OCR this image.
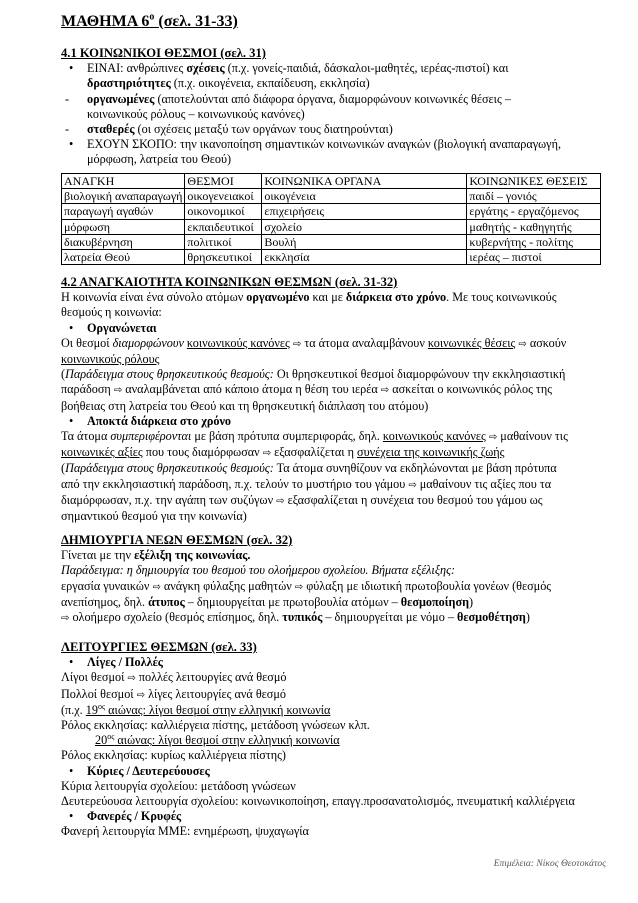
ΜΑΘΗΜΑ $6^o$ (σελ. 31-33)
4.1 ΚΟΙΝΩΝΙΚΟΙ ΘΕΣΜΟΙ (σελ. 31)
• ΕΙΝΑΙ: ανθρώπινες σχέσεις (π.χ. γονείς-παιδιά, δάσκαλοι-μαθητές, ιερέας-πιστοί) και
δραστηριότητες (π.χ. οικογένεια, εκπαίδευση, εκκλησία)
- οργανωμένες (αποτελούνται από διάφορα όργανα, διαμορφώνουν κοινωνικές θέσεις –
κοινωνικούς ρόλους – κοινωνικούς κανόνες)
- σταθερές (οι σχέσεις μεταξύ των οργάνων τους διατηρούνται)
• ΕΧΟΥΝ ΣΚΟΠΟ: την ικανοποίηση σημαντικών κοινωνικών αναγκών (βιολογική αναπαραγωγή,
μόρφωση, λατρεία του Θεού)
ΑΝΑΓΚΗ	ΘΕΣΜΟΙ	ΚΟΙΝΩΝΙΚΑ ΟΡΓΑΝΑ	ΚΟΙΝΩΝΙΚΕΣ ΘΕΣΕΙΣ
βιολογική αναπαραγωγή	οικογενειακοί	οικογένεια	παιδί – γονιός
παραγωγή αγαθών	οικονομικοί	επιχειρήσεις	εργάτης - εργαζόμενος
μόρφωση	εκπαιδευτικοί	σχολείο	μαθητής - καθηγητής
διακυβέρνηση	πολιτικοί	Βουλή	κυβερνήτης - πολίτης
λατρεία Θεού	θρησκευτικοί	εκκλησία	ιερέας – πιστοί
4.2 ΑΝΑΓΚΑΙΟΤΗΤΑ ΚΟΙΝΩΝΙΚΩΝ ΘΕΣΜΩΝ (σελ. 31-32)
Η κοινωνία είναι ένα σύνολο ατόμων οργανωμένο και με διάρκεια στο χρόνο. Με τους κοινωνικούς
θεσμούς η κοινωνία:
• Οργανώνεται
Οι θεσμοί διαμορφώνουν κοινωνικούς κανόνες ⇨ τα άτομα αναλαμβάνουν κοινωνικές θέσεις ⇨ ασκούν
κοινωνικούς ρόλους
(Παράδειγμα στους θρησκευτικούς θεσμούς: Οι θρησκευτικοί θεσμοί διαμορφώνουν την εκκλησιαστική
παράδοση ⇨ αναλαμβάνεται από κάποιο άτομα η θέση του ιερέα ⇨ ασκείται ο κοινωνικός ρόλος της
βοήθειας στη λατρεία του Θεού και τη θρησκευτική διάπλαση του ατόμου)
• Αποκτά διάρκεια στο χρόνο
Τα άτομα συμπεριφέρονται με βάση πρότυπα συμπεριφοράς, δηλ. κοινωνικούς κανόνες ⇨ μαθαίνουν τις
κοινωνικές αξίες που τους διαμόρφωσαν ⇨ εξασφαλίζεται η συνέχεια της κοινωνικής ζωής
(Παράδειγμα στους θρησκευτικούς θεσμούς: Τα άτομα συνηθίζουν να εκδηλώνονται με βάση πρότυπα
από την εκκλησιαστική παράδοση, π.χ. τελούν το μυστήριο του γάμου ⇨ μαθαίνουν τις αξίες που τα
διαμόρφωσαν, π.χ. την αγάπη των συζύγων ⇨ εξασφαλίζεται η συνέχεια του θεσμού του γάμου ως
σημαντικού θεσμού για την κοινωνία)
ΔΗΜΙΟΥΡΓΙΑ ΝΕΩΝ ΘΕΣΜΩΝ (σελ. 32)
Γίνεται με την εξέλιξη της κοινωνίας.
Παράδειγμα: η δημιουργία του θεσμού του ολοήμερου σχολείου. Βήματα εξέλιξης:
εργασία γυναικών ⇨ ανάγκη φύλαξης μαθητών ⇨ φύλαξη με ιδιωτική πρωτοβουλία γονέων (θεσμός
ανεπίσημος, δηλ. άτυπος – δημιουργείται με πρωτοβουλία ατόμων – θεσμοποίηση)
⇨ ολοήμερο σχολείο (θεσμός επίσημος, δηλ. τυπικός – δημιουργείται με νόμο – θεσμοθέτηση)
ΛΕΙΤΟΥΡΓΙΕΣ ΘΕΣΜΩΝ (σελ. 33)
• Λίγες / Πολλές
Λίγοι θεσμοί ⇨ πολλές λειτουργίες ανά θεσμό
Πολλοί θεσμοί ⇨ λίγες λειτουργίες ανά θεσμό
(π.χ. $19^{o\varsigma}$ αιώνας: λίγοι θεσμοί στην ελληνική κοινωνία
Ρόλος εκκλησίας: καλλιέργεια πίστης, μετάδοση γνώσεων κλπ.
$20^{o\varsigma}$ αιώνας: λίγοι θεσμοί στην ελληνική κοινωνία
Ρόλος εκκλησίας: κυρίως καλλιέργεια πίστης)
• Κύριες / Δευτερεύουσες
Κύρια λειτουργία σχολείου: μετάδοση γνώσεων
Δευτερεύουσα λειτουργία σχολείου: κοινωνικοποίηση, επαγγ.προσανατολισμός, πνευματική καλλιέργεια
• Φανερές / Κρυφές
Φανερή λειτουργία ΜΜΕ: ενημέρωση, ψυχαγωγία
Επιμέλεια: Νίκος Θεοτοκάτος
